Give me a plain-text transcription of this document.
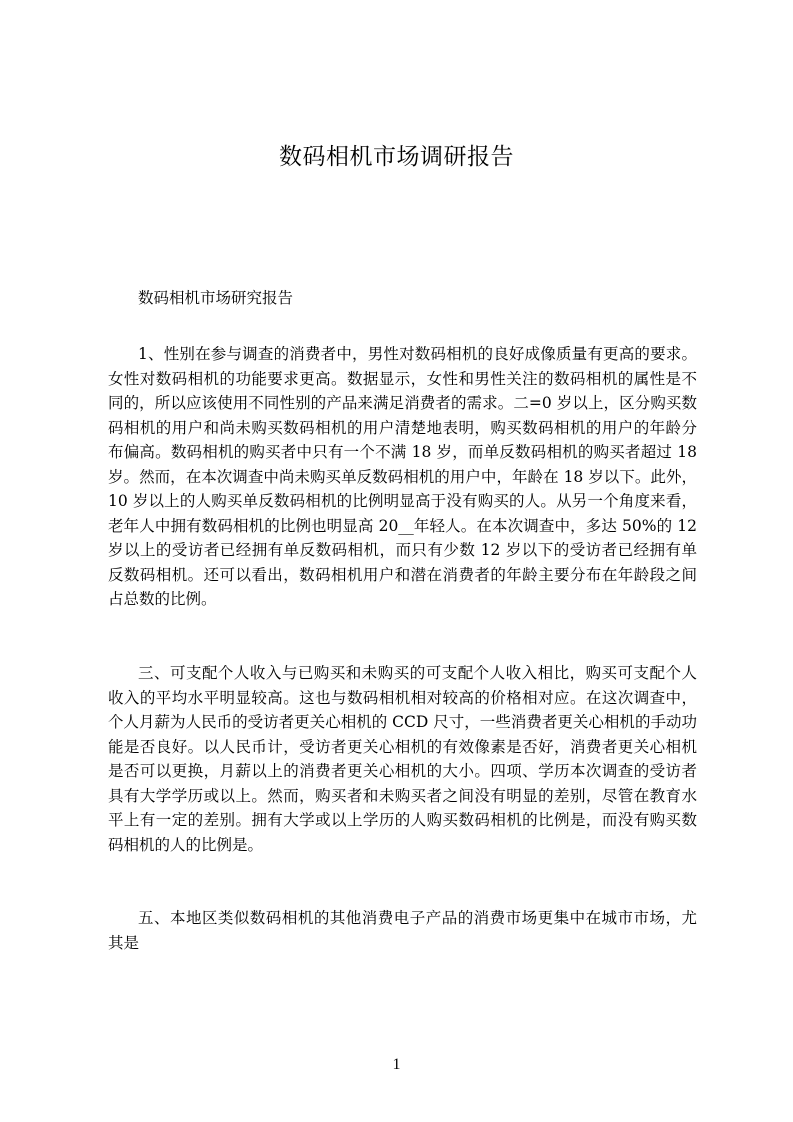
数码相机市场调研报告
数码相机市场研究报告
1、性别在参与调查的消费者中，男性对数码相机的良好成像质量有更高的要求。
女性对数码相机的功能要求更高。数据显示，女性和男性关注的数码相机的属性是不
同的，所以应该使用不同性别的产品来满足消费者的需求。二=0 岁以上，区分购买数
码相机的用户和尚未购买数码相机的用户清楚地表明，购买数码相机的用户的年龄分
布偏高。数码相机的购买者中只有一个不满 18 岁，而单反数码相机的购买者超过 18
岁。然而，在本次调查中尚未购买单反数码相机的用户中，年龄在 18 岁以下。此外，
10 岁以上的人购买单反数码相机的比例明显高于没有购买的人。从另一个角度来看，
老年人中拥有数码相机的比例也明显高 20__年轻人。在本次调查中，多达 50%的 12
岁以上的受访者已经拥有单反数码相机，而只有少数 12 岁以下的受访者已经拥有单
反数码相机。还可以看出，数码相机用户和潜在消费者的年龄主要分布在年龄段之间
占总数的比例。
三、可支配个人收入与已购买和未购买的可支配个人收入相比，购买可支配个人
收入的平均水平明显较高。这也与数码相机相对较高的价格相对应。在这次调查中，
个人月薪为人民币的受访者更关心相机的 CCD 尺寸，一些消费者更关心相机的手动功
能是否良好。以人民币计，受访者更关心相机的有效像素是否好，消费者更关心相机
是否可以更换，月薪以上的消费者更关心相机的大小。四项、学历本次调查的受访者
具有大学学历或以上。然而，购买者和未购买者之间没有明显的差别，尽管在教育水
平上有一定的差别。拥有大学或以上学历的人购买数码相机的比例是，而没有购买数
码相机的人的比例是。
五、本地区类似数码相机的其他消费电子产品的消费市场更集中在城市市场，尤
其是
1
